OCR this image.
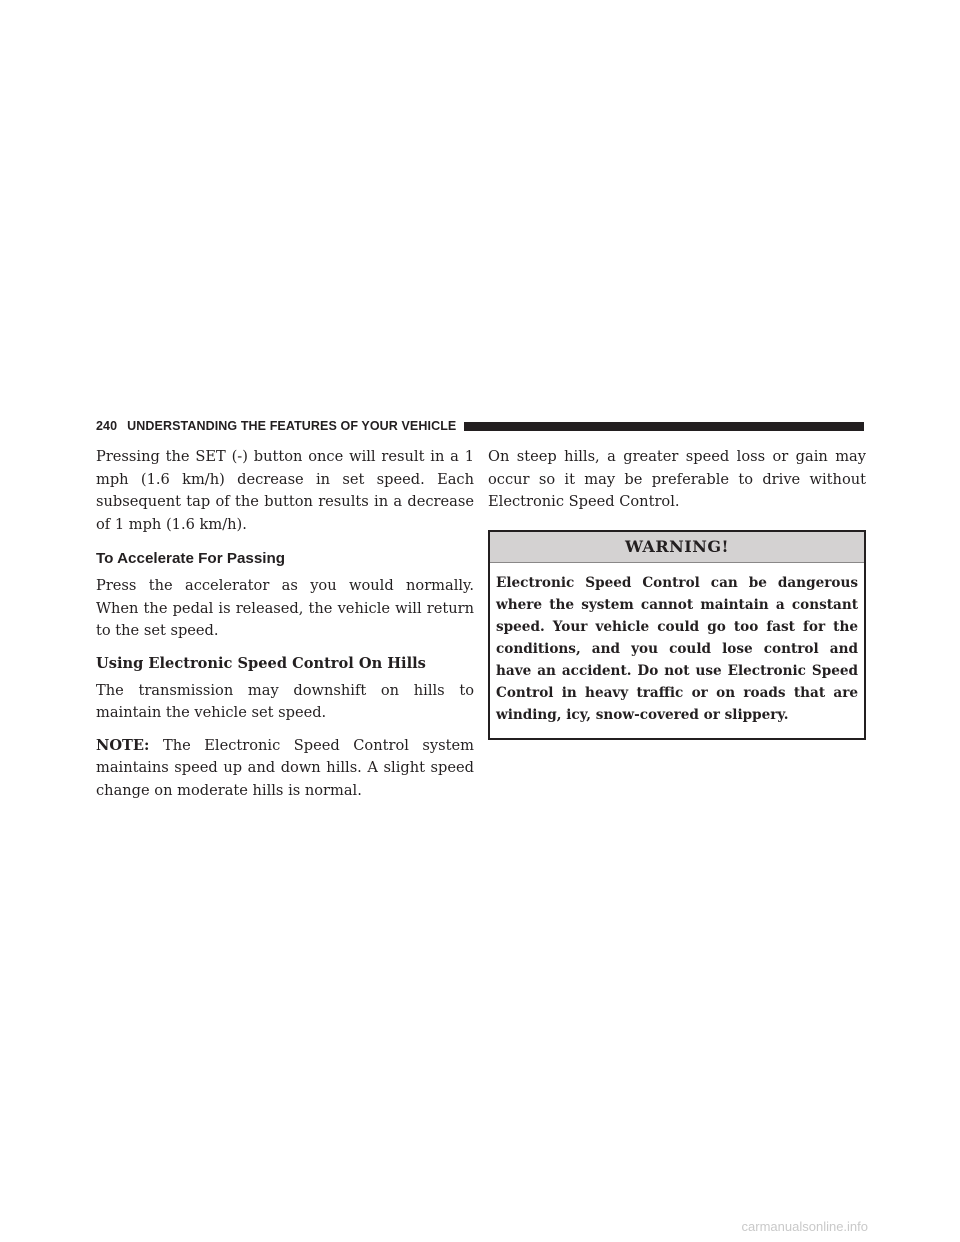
240 UNDERSTANDING THE FEATURES OF YOUR VEHICLE

Pressing the SET (-) button once will result in a 1 mph (1.6 km/h) decrease in set speed. Each subsequent tap of the button results in a decrease of 1 mph (1.6 km/h).

To Accelerate For Passing

Press the accelerator as you would normally. When the pedal is released, the vehicle will return to the set speed.

Using Electronic Speed Control On Hills

The transmission may downshift on hills to maintain the vehicle set speed.

NOTE: The Electronic Speed Control system maintains speed up and down hills. A slight speed change on moderate hills is normal.

On steep hills, a greater speed loss or gain may occur so it may be preferable to drive without Electronic Speed Control.

WARNING!
Electronic Speed Control can be dangerous where the system cannot maintain a constant speed. Your vehicle could go too fast for the conditions, and you could lose control and have an accident. Do not use Electronic Speed Control in heavy traffic or on roads that are winding, icy, snow-covered or slippery.
carmanualsonline.info
